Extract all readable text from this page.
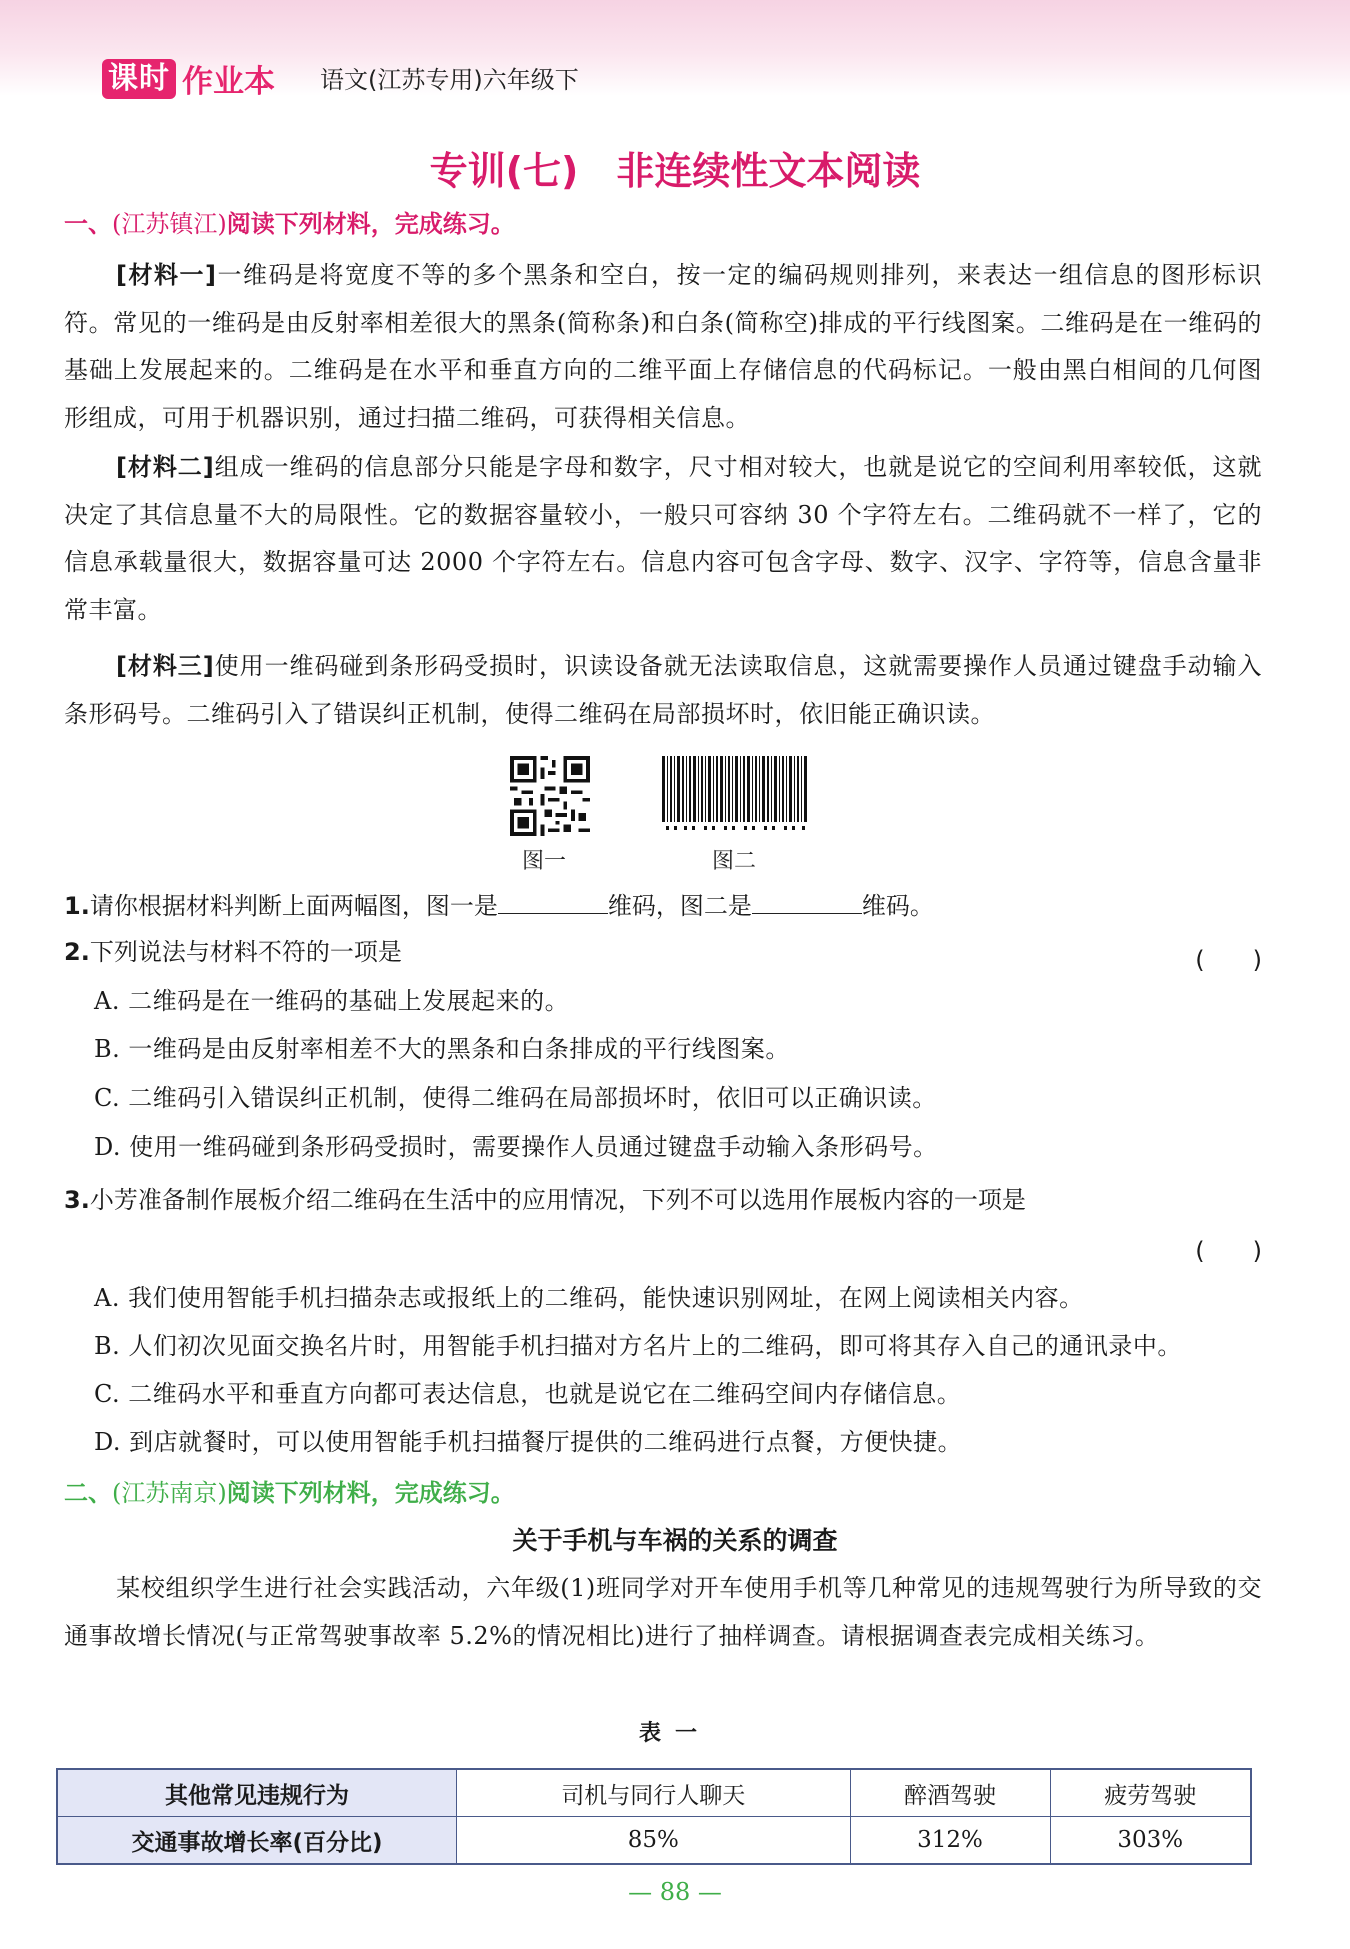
课时 作业本 语文(江苏专用)六年级下
专训(七)　非连续性文本阅读
一、(江苏镇江)阅读下列材料，完成练习。
[材料一]一维码是将宽度不等的多个黑条和空白，按一定的编码规则排列，来表达一组信息的图形标识符。常见的一维码是由反射率相差很大的黑条(简称条)和白条(简称空)排成的平行线图案。二维码是在一维码的基础上发展起来的。二维码是在水平和垂直方向的二维平面上存储信息的代码标记。一般由黑白相间的几何图形组成，可用于机器识别，通过扫描二维码，可获得相关信息。
[材料二]组成一维码的信息部分只能是字母和数字，尺寸相对较大，也就是说它的空间利用率较低，这就决定了其信息量不大的局限性。它的数据容量较小，一般只可容纳 30 个字符左右。二维码就不一样了，它的信息承载量很大，数据容量可达 2000 个字符左右。信息内容可包含字母、数字、汉字、字符等，信息含量非常丰富。
[材料三]使用一维码碰到条形码受损时，识读设备就无法读取信息，这就需要操作人员通过键盘手动输入条形码号。二维码引入了错误纠正机制，使得二维码在局部损坏时，依旧能正确识读。
图一	图二
1.请你根据材料判断上面两幅图，图一是	维码，图二是	维码。
2.下列说法与材料不符的一项是	(　　)
A. 二维码是在一维码的基础上发展起来的。
B. 一维码是由反射率相差不大的黑条和白条排成的平行线图案。
C. 二维码引入错误纠正机制，使得二维码在局部损坏时，依旧可以正确识读。
D. 使用一维码碰到条形码受损时，需要操作人员通过键盘手动输入条形码号。
3.小芳准备制作展板介绍二维码在生活中的应用情况，下列不可以选用作展板内容的一项是
(　　)
A. 我们使用智能手机扫描杂志或报纸上的二维码，能快速识别网址，在网上阅读相关内容。
B. 人们初次见面交换名片时，用智能手机扫描对方名片上的二维码，即可将其存入自己的通讯录中。
C. 二维码水平和垂直方向都可表达信息，也就是说它在二维码空间内存储信息。
D. 到店就餐时，可以使用智能手机扫描餐厅提供的二维码进行点餐，方便快捷。
二、(江苏南京)阅读下列材料，完成练习。
关于手机与车祸的关系的调查
某校组织学生进行社会实践活动，六年级(1)班同学对开车使用手机等几种常见的违规驾驶行为所导致的交通事故增长情况(与正常驾驶事故率 5.2%的情况相比)进行了抽样调查。请根据调查表完成相关练习。
表一
其他常见违规行为	司机与同行人聊天	醉酒驾驶	疲劳驾驶
交通事故增长率(百分比)	85%	312%	303%
— 88 —
